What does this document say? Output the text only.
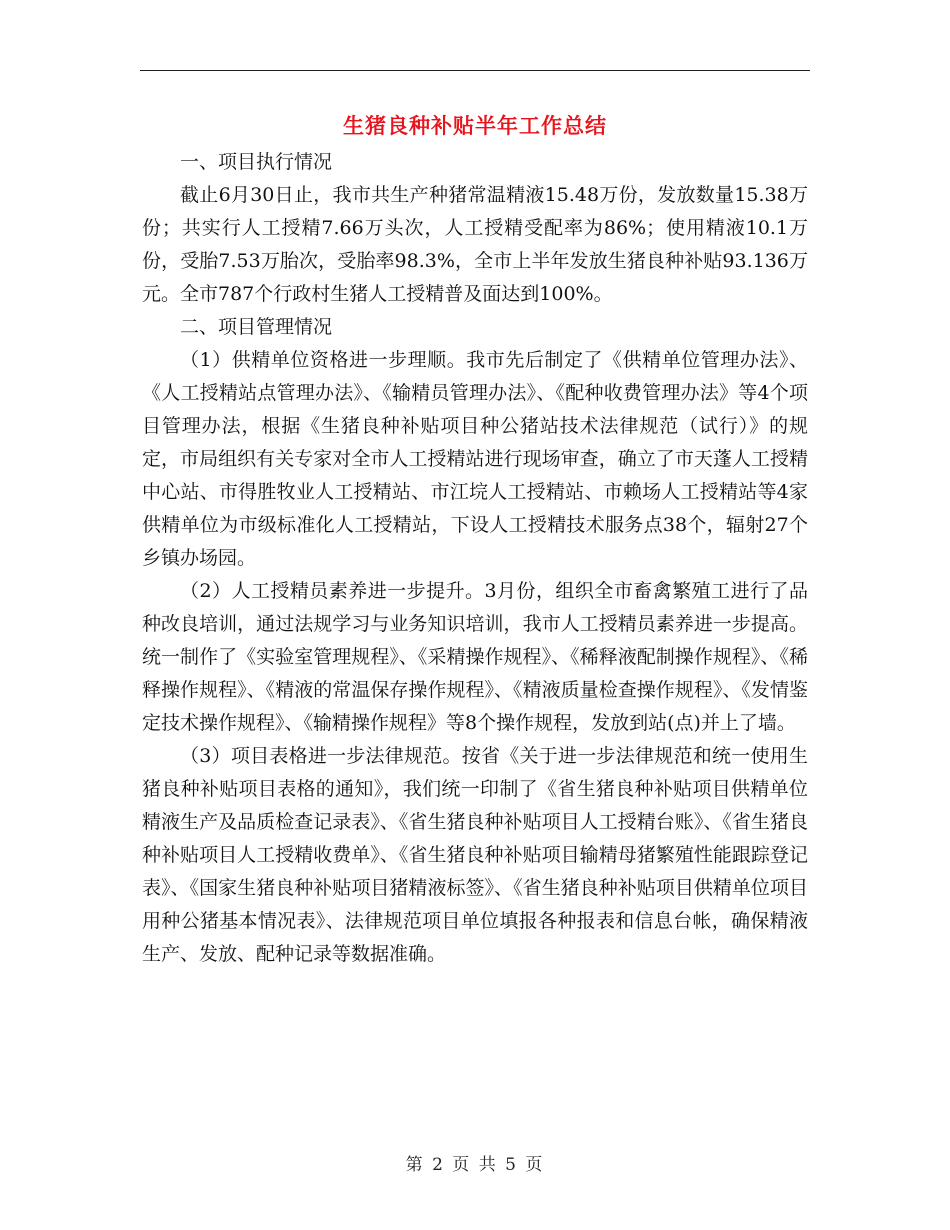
生猪良种补贴半年工作总结

一、项目执行情况

截止6月30日止，我市共生产种猪常温精液15.48万份，发放数量15.38万份；共实行人工授精7.66万头次，人工授精受配率为86%；使用精液10.1万份，受胎7.53万胎次，受胎率98.3%，全市上半年发放生猪良种补贴93.136万元。全市787个行政村生猪人工授精普及面达到100%。

二、项目管理情况

（1）供精单位资格进一步理顺。我市先后制定了《供精单位管理办法》、《人工授精站点管理办法》、《输精员管理办法》、《配种收费管理办法》等4个项目管理办法，根据《生猪良种补贴项目种公猪站技术法律规范（试行）》的规定，市局组织有关专家对全市人工授精站进行现场审查，确立了市天蓬人工授精中心站、市得胜牧业人工授精站、市江垸人工授精站、市赖场人工授精站等4家供精单位为市级标准化人工授精站，下设人工授精技术服务点38个，辐射27个乡镇办场园。

（2）人工授精员素养进一步提升。3月份，组织全市畜禽繁殖工进行了品种改良培训，通过法规学习与业务知识培训，我市人工授精员素养进一步提高。统一制作了《实验室管理规程》、《采精操作规程》、《稀释液配制操作规程》、《稀释操作规程》、《精液的常温保存操作规程》、《精液质量检查操作规程》、《发情鉴定技术操作规程》、《输精操作规程》等8个操作规程，发放到站(点)并上了墙。

（3）项目表格进一步法律规范。按省《关于进一步法律规范和统一使用生猪良种补贴项目表格的通知》，我们统一印制了《省生猪良种补贴项目供精单位精液生产及品质检查记录表》、《省生猪良种补贴项目人工授精台账》、《省生猪良种补贴项目人工授精收费单》、《省生猪良种补贴项目输精母猪繁殖性能跟踪登记表》、《国家生猪良种补贴项目猪精液标签》、《省生猪良种补贴项目供精单位项目用种公猪基本情况表》、法律规范项目单位填报各种报表和信息台帐，确保精液生产、发放、配种记录等数据准确。

第 2 页 共 5 页
